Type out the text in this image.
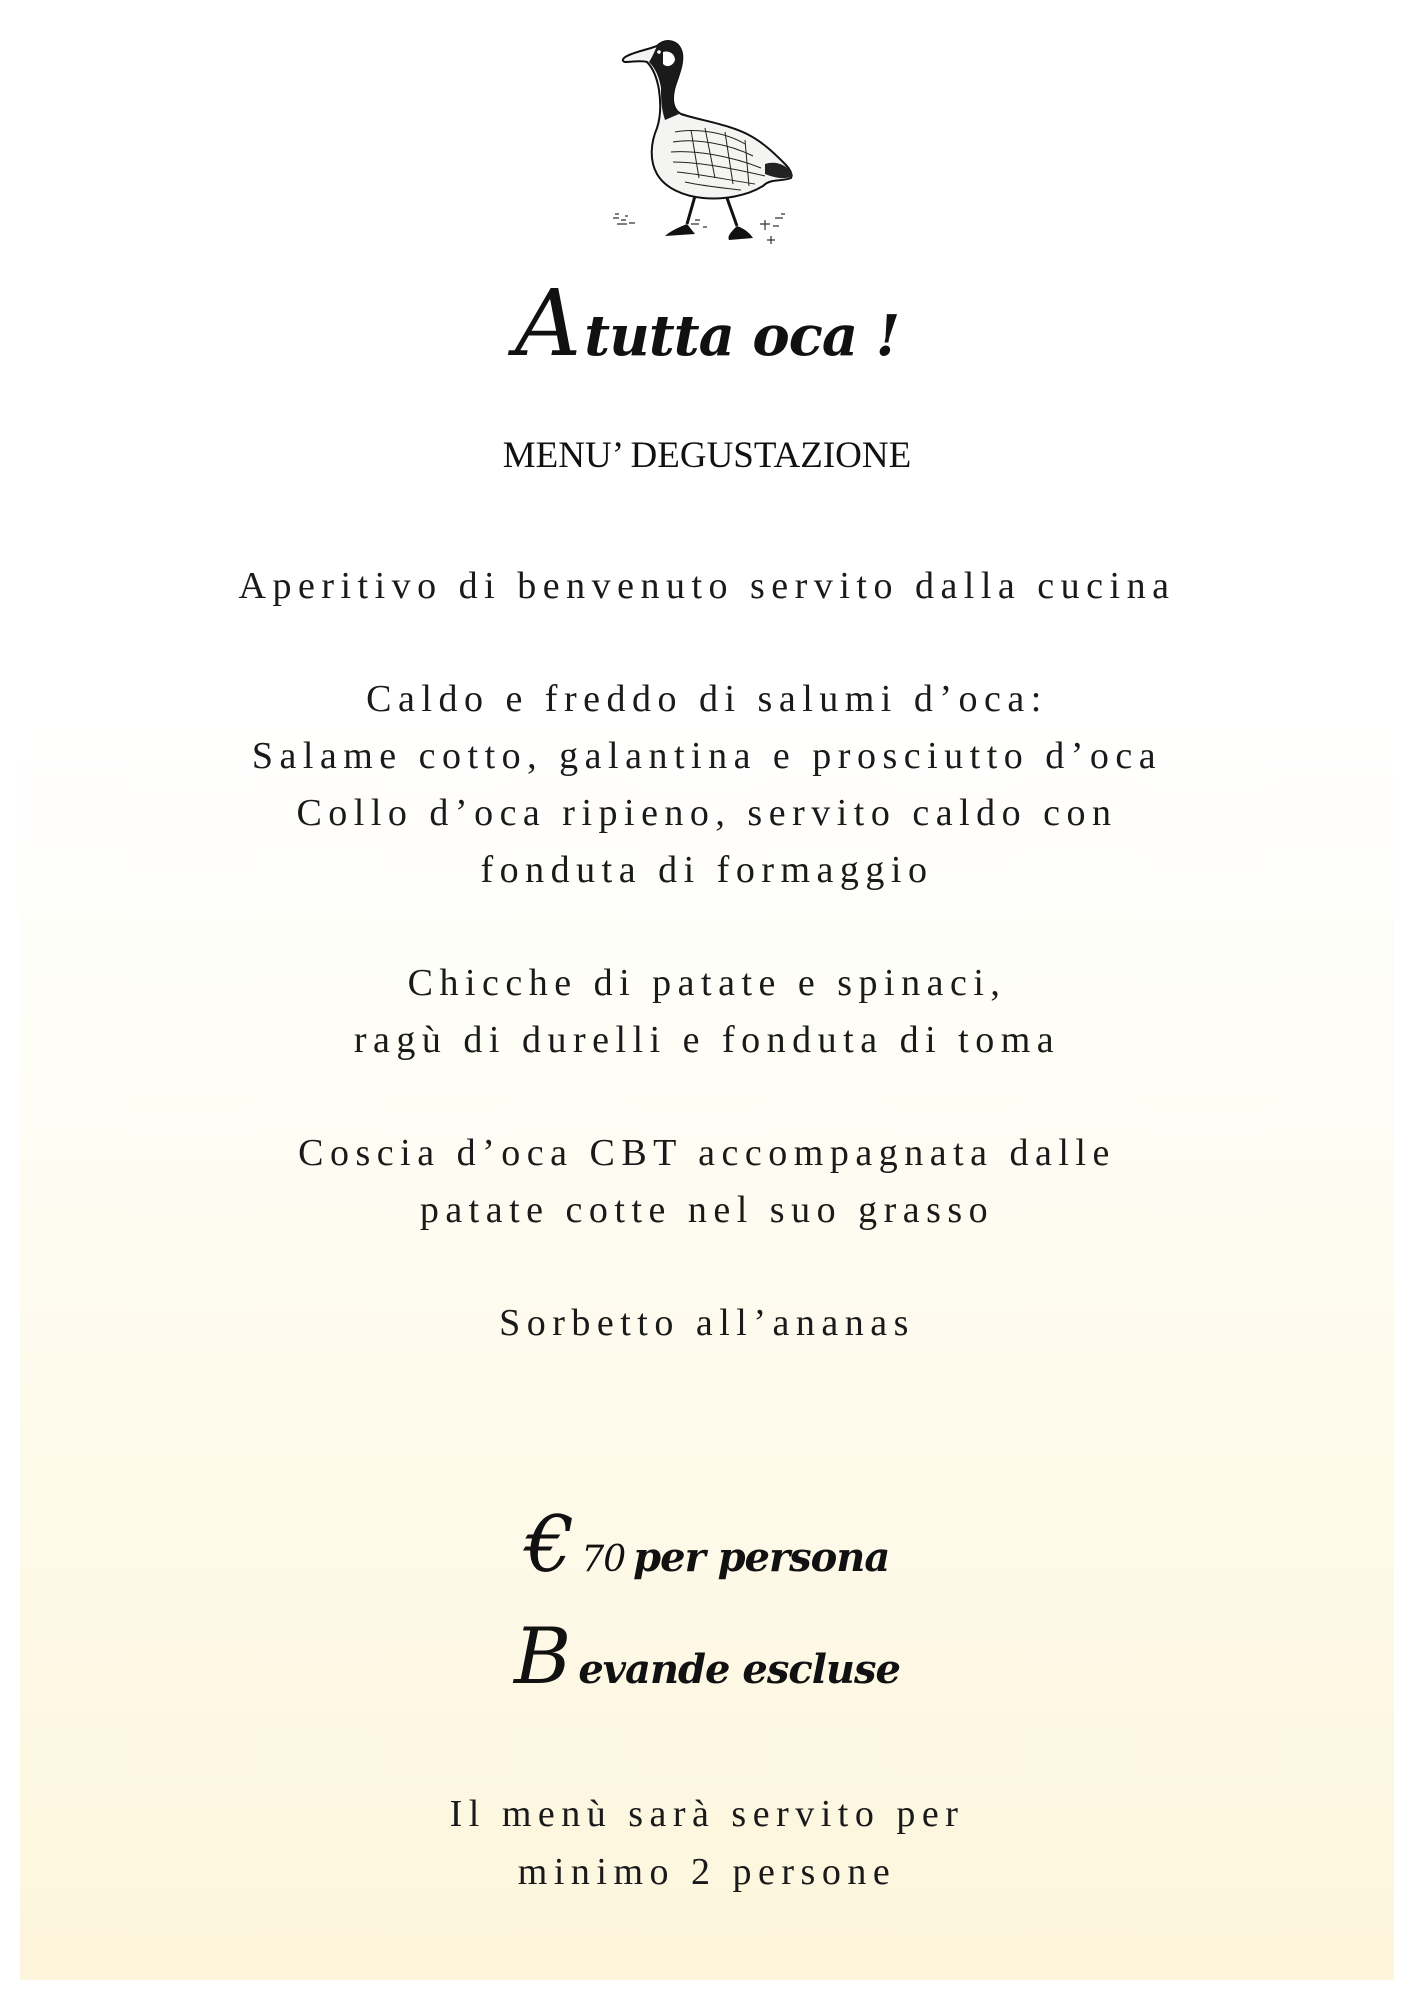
Atutta oca !
MENU’ DEGUSTAZIONE
Aperitivo di benvenuto servito dalla cucina
Caldo e freddo di salumi d’oca:
Salame cotto, galantina e prosciutto d’oca
Collo d’oca ripieno, servito caldo con
fonduta di formaggio
Chicche di patate e spinaci,
ragù di durelli e fonduta di toma
Coscia d’oca CBT accompagnata dalle
patate cotte nel suo grasso
Sorbetto all’ananas
€ 70 per persona
Bevande escluse
Il menù sarà servito per
minimo 2 persone
